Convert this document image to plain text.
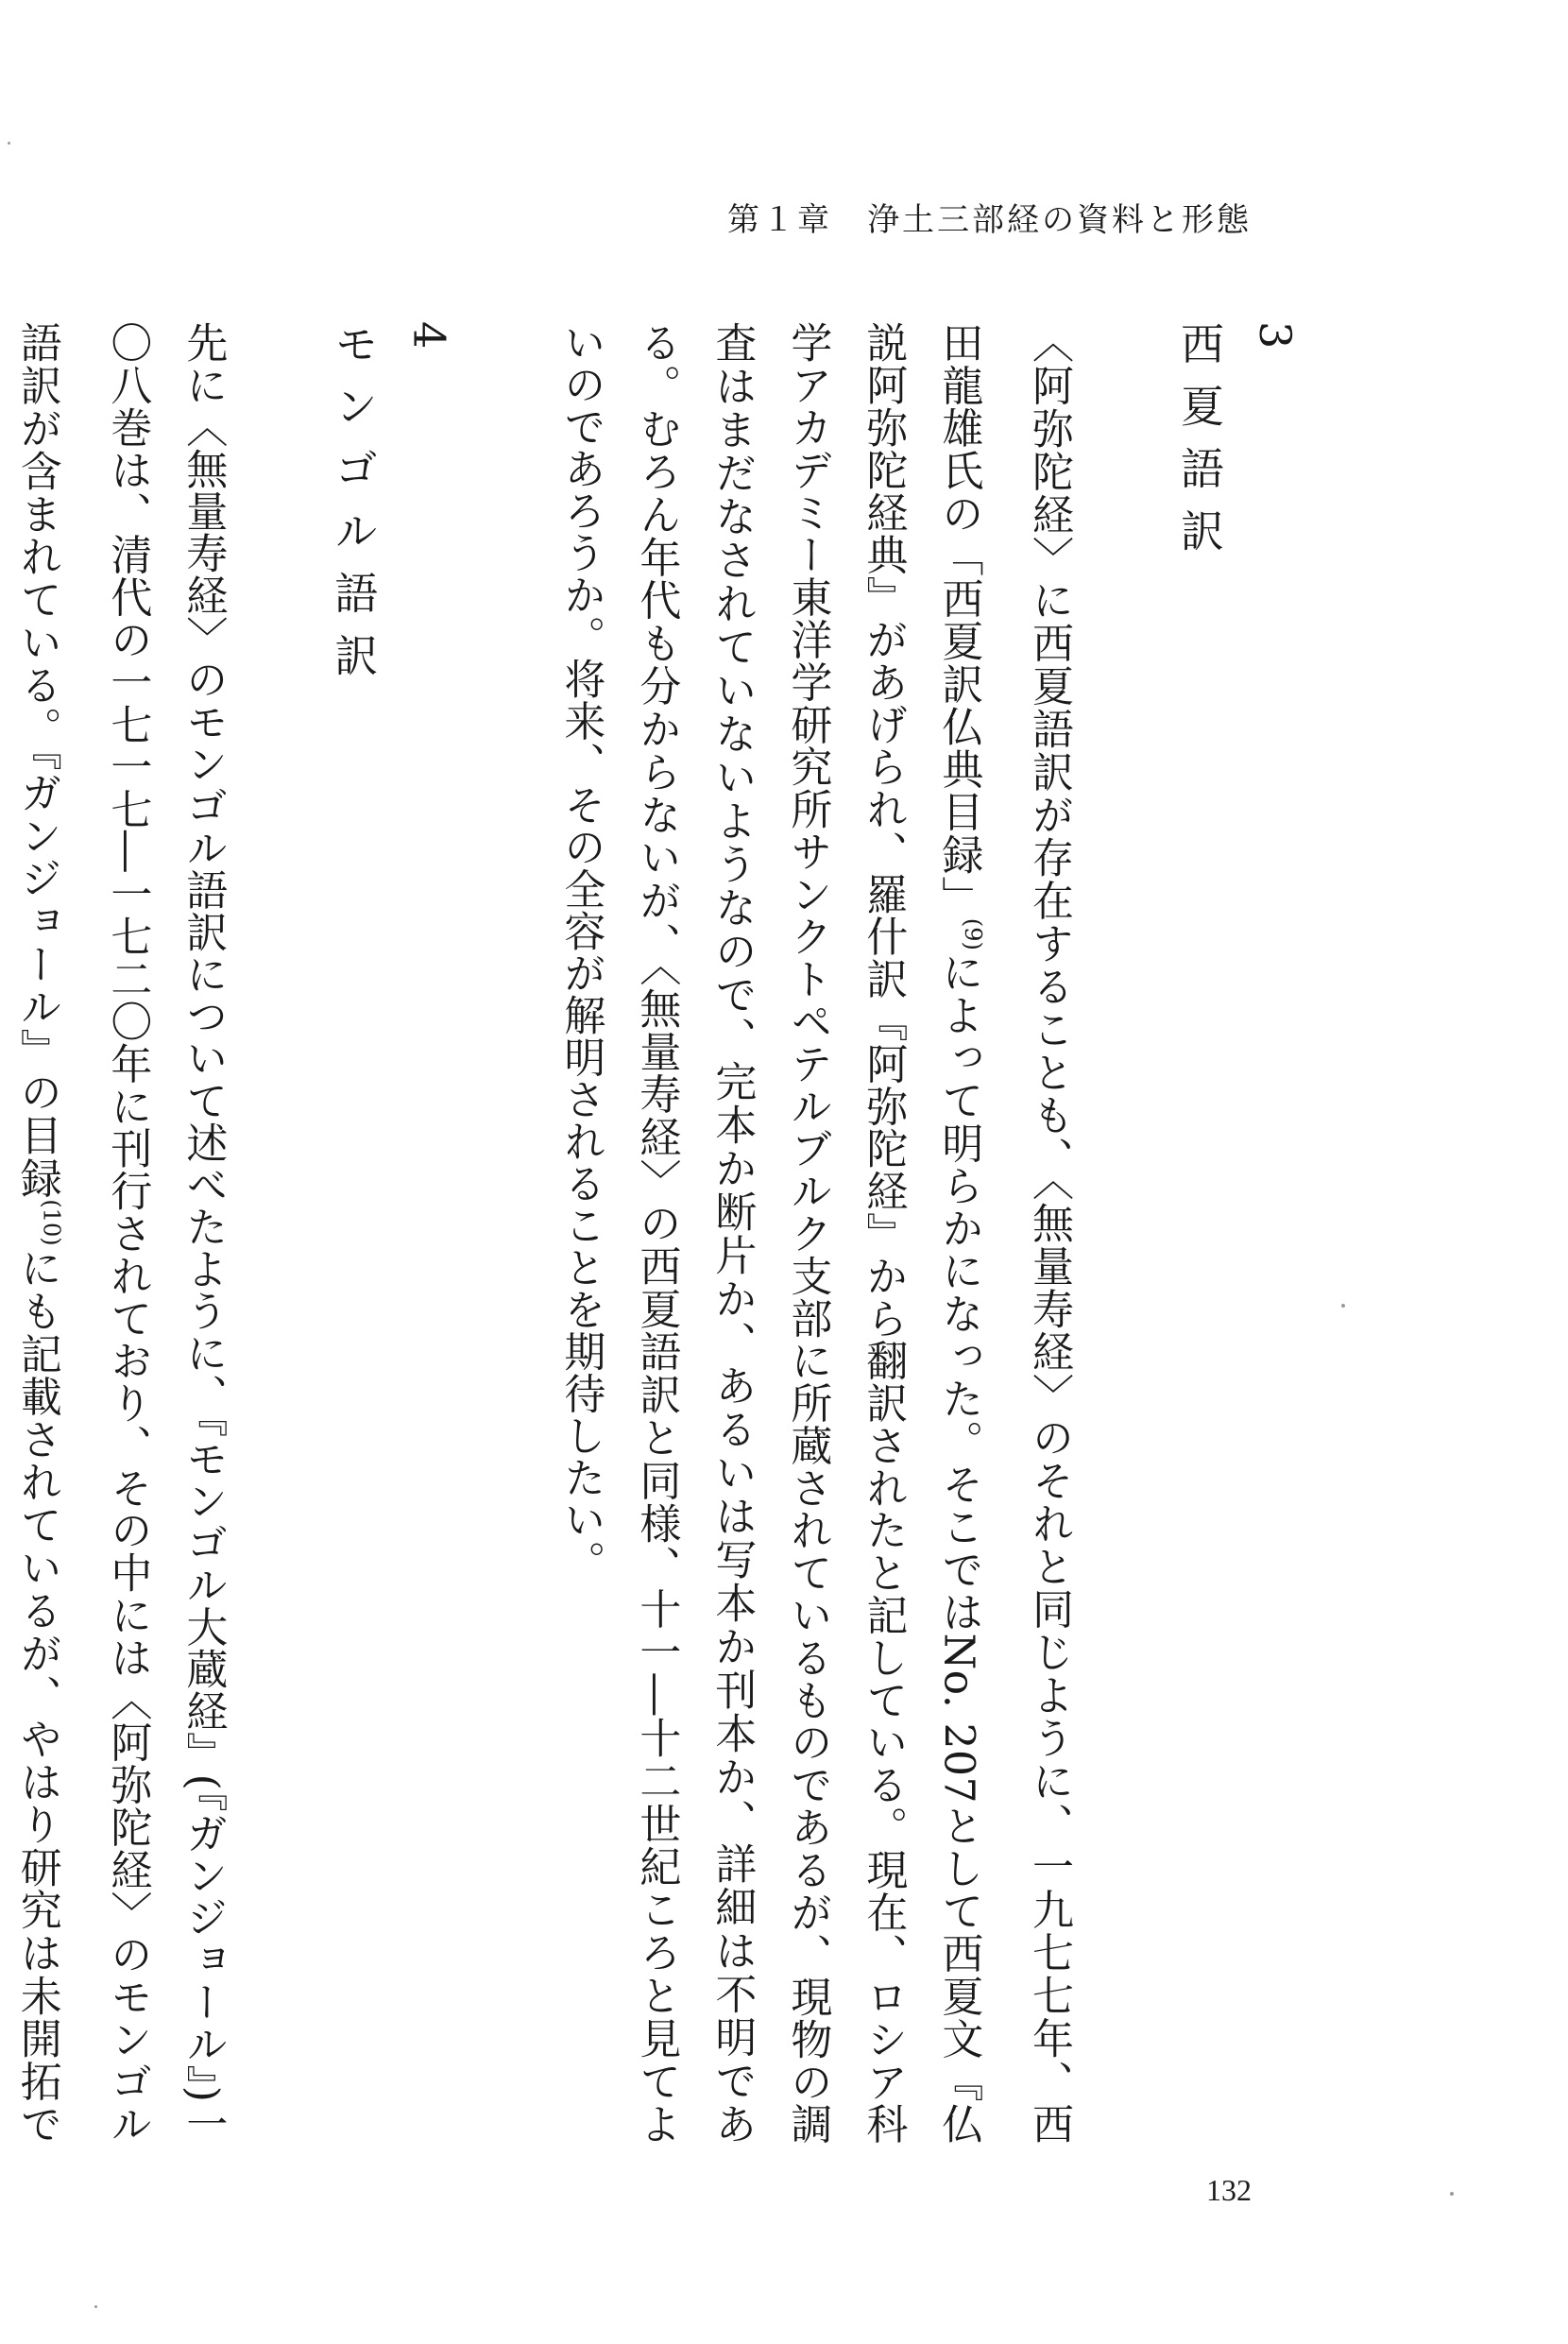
第１章　浄土三部経の資料と形態
3
西夏語訳

〈阿弥陀経〉に西夏語訳が存在することも、〈無量寿経〉のそれと同じように、一九七七年、西田龍雄氏の「西夏訳仏典目録」$^{(9)}$によって明らかになった。そこではNo. 207として西夏文『仏説阿弥陀経典』があげられ、羅什訳『阿弥陀経』から翻訳されたと記している。現在、ロシア科学アカデミー東洋学研究所サンクトペテルブルク支部に所蔵されているものであるが、現物の調査はまだなされていないようなので、完本か断片か、あるいは写本か刊本か、詳細は不明である。むろん年代も分からないが、〈無量寿経〉の西夏語訳と同様、十一―十二世紀ころと見てよいのであろうか。将来、その全容が解明されることを期待したい。

4
モンゴル語訳

先に〈無量寿経〉のモンゴル語訳について述べたように、『モンゴル大蔵経』(『ガンジョール』)一〇八巻は、清代の一七一七―一七二〇年に刊行されており、その中には〈阿弥陀経〉のモンゴル語訳が含まれている。『ガンジョール』の目録$^{(10)}$にも記載されているが、やはり研究は未開拓で

132
